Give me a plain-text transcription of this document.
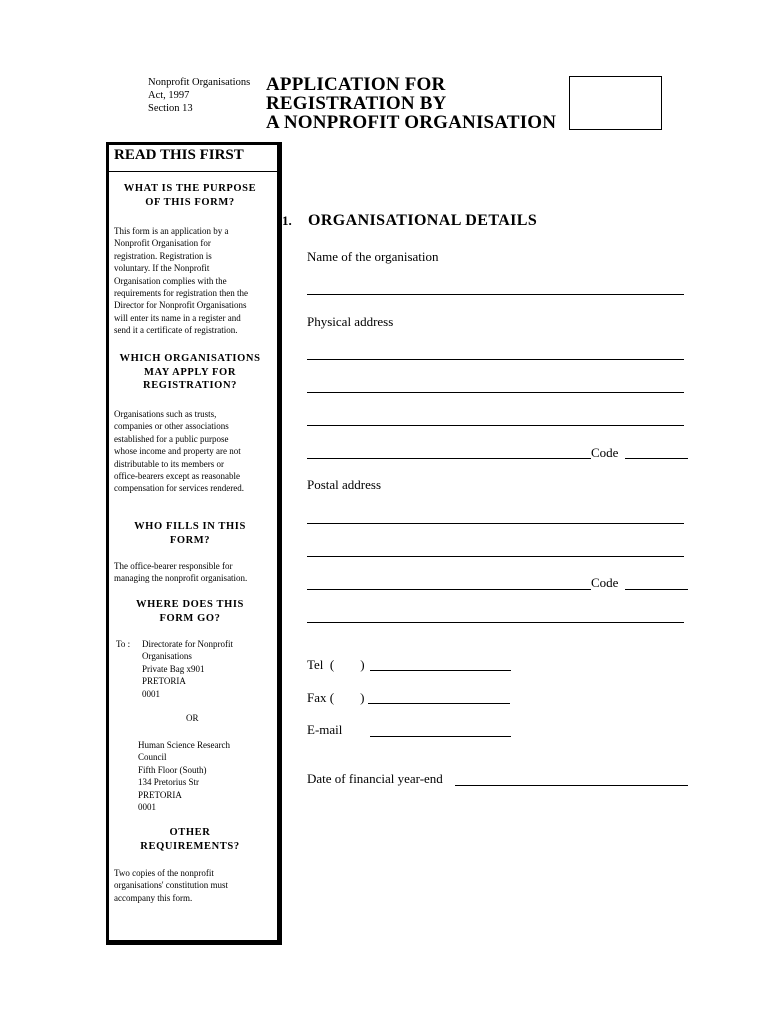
Nonprofit Organisations
Act, 1997
Section 13
APPLICATION FOR
REGISTRATION BY
A NONPROFIT ORGANISATION
READ THIS FIRST
WHAT IS THE PURPOSE
OF THIS FORM?
This form is an application by a
Nonprofit Organisation for
registration. Registration is
voluntary. If the Nonprofit
Organisation complies with the
requirements for registration then the
Director for Nonprofit Organisations
will enter its name in a register and
send it a certificate of registration.
WHICH ORGANISATIONS
MAY APPLY FOR
REGISTRATION?
Organisations such as trusts,
companies or other associations
established for a public purpose
whose income and property are not
distributable to its members or
office-bearers except as reasonable
compensation for services rendered.
WHO FILLS IN THIS
FORM?
The office-bearer responsible for
managing the nonprofit organisation.
WHERE DOES THIS
FORM GO?
To : Directorate for Nonprofit
Organisations
Private Bag x901
PRETORIA
0001
OR
Human Science Research
Council
Fifth Floor (South)
134 Pretorius Str
PRETORIA
0001
OTHER
REQUIREMENTS?
Two copies of the nonprofit
organisations' constitution must
accompany this form.
1. ORGANISATIONAL DETAILS
Name of the organisation
Physical address
Code
Postal address
Code
Tel  (        )
Fax (        )
E-mail
Date of financial year-end
